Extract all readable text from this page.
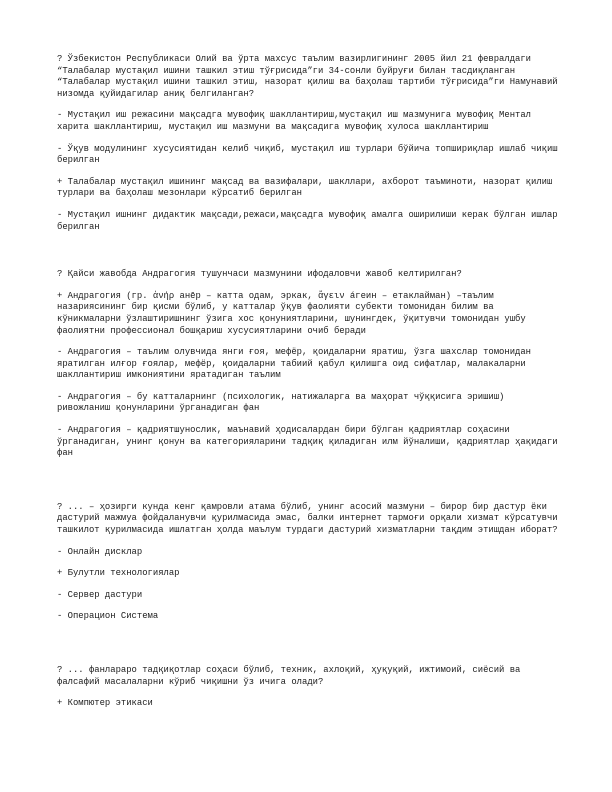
? Ўзбекистон Республикаси Олий ва ўрта махсус таълим вазирлигининг 2005 йил 21 февралдаги “Талабалар мустақил ишини ташкил этиш тўғрисида”ги 34-сонли буйруғи билан тасдиқланган “Талабалар мустақил ишини ташкил этиш, назорат қилиш ва баҳолаш тартиби тўғрисида”ги Намунавий низомда қуйидагилар аниқ белгиланган?

- Мустақил иш режасини мақсадга мувофиқ шакллантириш,мустақил иш мазмунига мувофиқ Ментал харита шакллантириш, мустақил иш мазмуни ва мақсадига мувофиқ хулоса шакллантириш

- Ўқув модулининг хусусиятидан келиб чиқиб, мустақил иш турлари бўйича топшириқлар ишлаб чиқиш берилган

+ Талабалар мустақил ишининг мақсад ва вазифалари, шакллари, ахборот таъминоти, назорат қилиш турлари ва баҳолаш мезонлари кўрсатиб берилган

- Мустақил ишнинг дидактик мақсади,режаси,мақсадга мувофиқ амалга оширилиши керак бўлган ишлар берилган

? Қайси жавобда Андрагогия тушунчаси мазмунини ифодаловчи жавоб келтирилган?

+ Андрагогия (гр. ἀνήρ анēр – катта одам, эркак, ἄγειν áгеин – етаклайман) –таълим назариясининг бир қисми бўлиб, у катталар ўқув фаолияти субекти томонидан билим ва кўникмаларни ўзлаштиришнинг ўзига хос қонуниятларини, шунингдек, ўқитувчи томонидан ушбу фаолиятни профессионал бошқариш хусусиятларини очиб беради

- Андрагогия – таълим олувчида янги ғоя, мефёр, қоидаларни яратиш, ўзга шахслар томонидан яратилган илғор ғоялар, мефёр, қоидаларни табиий қабул қилишга оид сифатлар, малакаларни шакллантириш имкониятини яратадиган таълим

- Андрагогия – бу катталарнинг (психологик, натижаларга ва маҳорат чўққисига эришиш) ривожланиш қонунларини ўрганадиган фан

- Андрагогия – қадриятшунослик, маънавий ҳодисалардан бири бўлган қадриятлар соҳасини ўрганадиган, унинг қонун ва категорияларини тадқиқ қиладиган илм йўналиши, қадриятлар ҳақидаги фан

? ... – ҳозирги кунда кенг қамровли атама бўлиб, унинг асосий мазмуни – бирор бир дастур ёки дастурий мажмуа фойдаланувчи қурилмасида эмас, балки интернет тармоғи орқали хизмат кўрсатувчи ташкилот қурилмасида ишлатган ҳолда маълум турдаги дастурий хизматларни тақдим этишдан иборат?

- Онлайн дисклар

+ Булутли технологиялар

- Сервер дастури

- Операцион Система

? ... фанлараро тадқиқотлар соҳаси бўлиб, техник, ахлоқий, ҳуқуқий, ижтимоий, сиёсий ва фалсафий масалаларни кўриб чиқишни ўз ичига олади?

+ Компютер этикаси
